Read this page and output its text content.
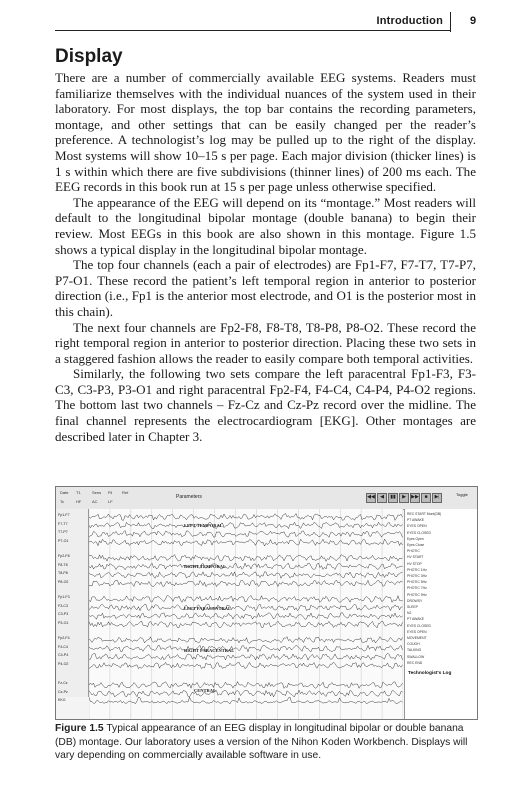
Introduction 9
Display

There are a number of commercially available EEG systems. Readers must familiarize themselves with the individual nuances of the system used in their laboratory. For most displays, the top bar contains the recording parameters, montage, and other settings that can be easily changed per the reader’s preference. A technologist’s log may be pulled up to the right of the display. Most systems will show 10–15 s per page. Each major division (thicker lines) is 1 s within which there are five subdivisions (thinner lines) of 200 ms each. The EEG records in this book run at 15 s per page unless otherwise specified.

The appearance of the EEG will depend on its “montage.” Most readers will default to the longitudinal bipolar montage (double banana) to begin their review. Most EEGs in this book are also shown in this montage. Figure 1.5 shows a typical display in the longitudinal bipolar montage.

The top four channels (each a pair of electrodes) are Fp1-F7, F7-T7, T7-P7, P7-O1. These record the patient’s left temporal region in anterior to posterior direction (i.e., Fp1 is the anterior most electrode, and O1 is the posterior most in this chain).

The next four channels are Fp2-F8, F8-T8, T8-P8, P8-O2. These record the right temporal region in anterior to posterior direction. Placing these two sets in a staggered fashion allows the reader to easily compare both temporal activities.

Similarly, the following two sets compare the left paracentral Fp1-F3, F3-C3, C3-P3, P3-O1 and right paracentral Fp2-F4, F4-C4, C4-P4, P4-O2 regions. The bottom last two channels – Fz-Cz and Cz-Pz record over the midline. The final channel represents the electrocardiogram [EKG]. Other montages are described later in Chapter 3.

Date T1	Sens Fil Ref
Tc	HF	AC	LF
Parameters	◀◀	◀	▮▮	▶	▶▶	■	▶|
Toggle
Fp1-F7
F7-T7
T7-P7
P7-O1
Fp2-F8
F8-T8
T8-P8
P8-O2
Fp1-F3
F3-C3
C3-P3
P3-O1
Fp2-F4
F4-C4
C4-P4
P4-O2
Fz-Cz
Cz-Pz
EKG
LEFT TEMPORAL
RIGHT TEMPORAL
LEFT PARACENTRAL
RIGHT PARACENTRAL
CENTRAL
Technologist's Log
REC START Mont(DB)
PT AWAKE
EYES OPEN
EYES CLOSED
Eyes Open
Eyes Close
PHOTIC
HV START
HV STOP
PHOTIC 1Hz
PHOTIC 3Hz
PHOTIC 5Hz
PHOTIC 7Hz
PHOTIC 9Hz
DROWSY
SLEEP
N2
PT AWAKE
EYES CLOSED
EYES OPEN
MOVEMENT
COUGH
TALKING
SWALLOW
REC END
Figure 1.5 Typical appearance of an EEG display in longitudinal bipolar or double banana (DB) montage. Our laboratory uses a version of the Nihon Koden Workbench. Displays will vary depending on commercially available software in use.
